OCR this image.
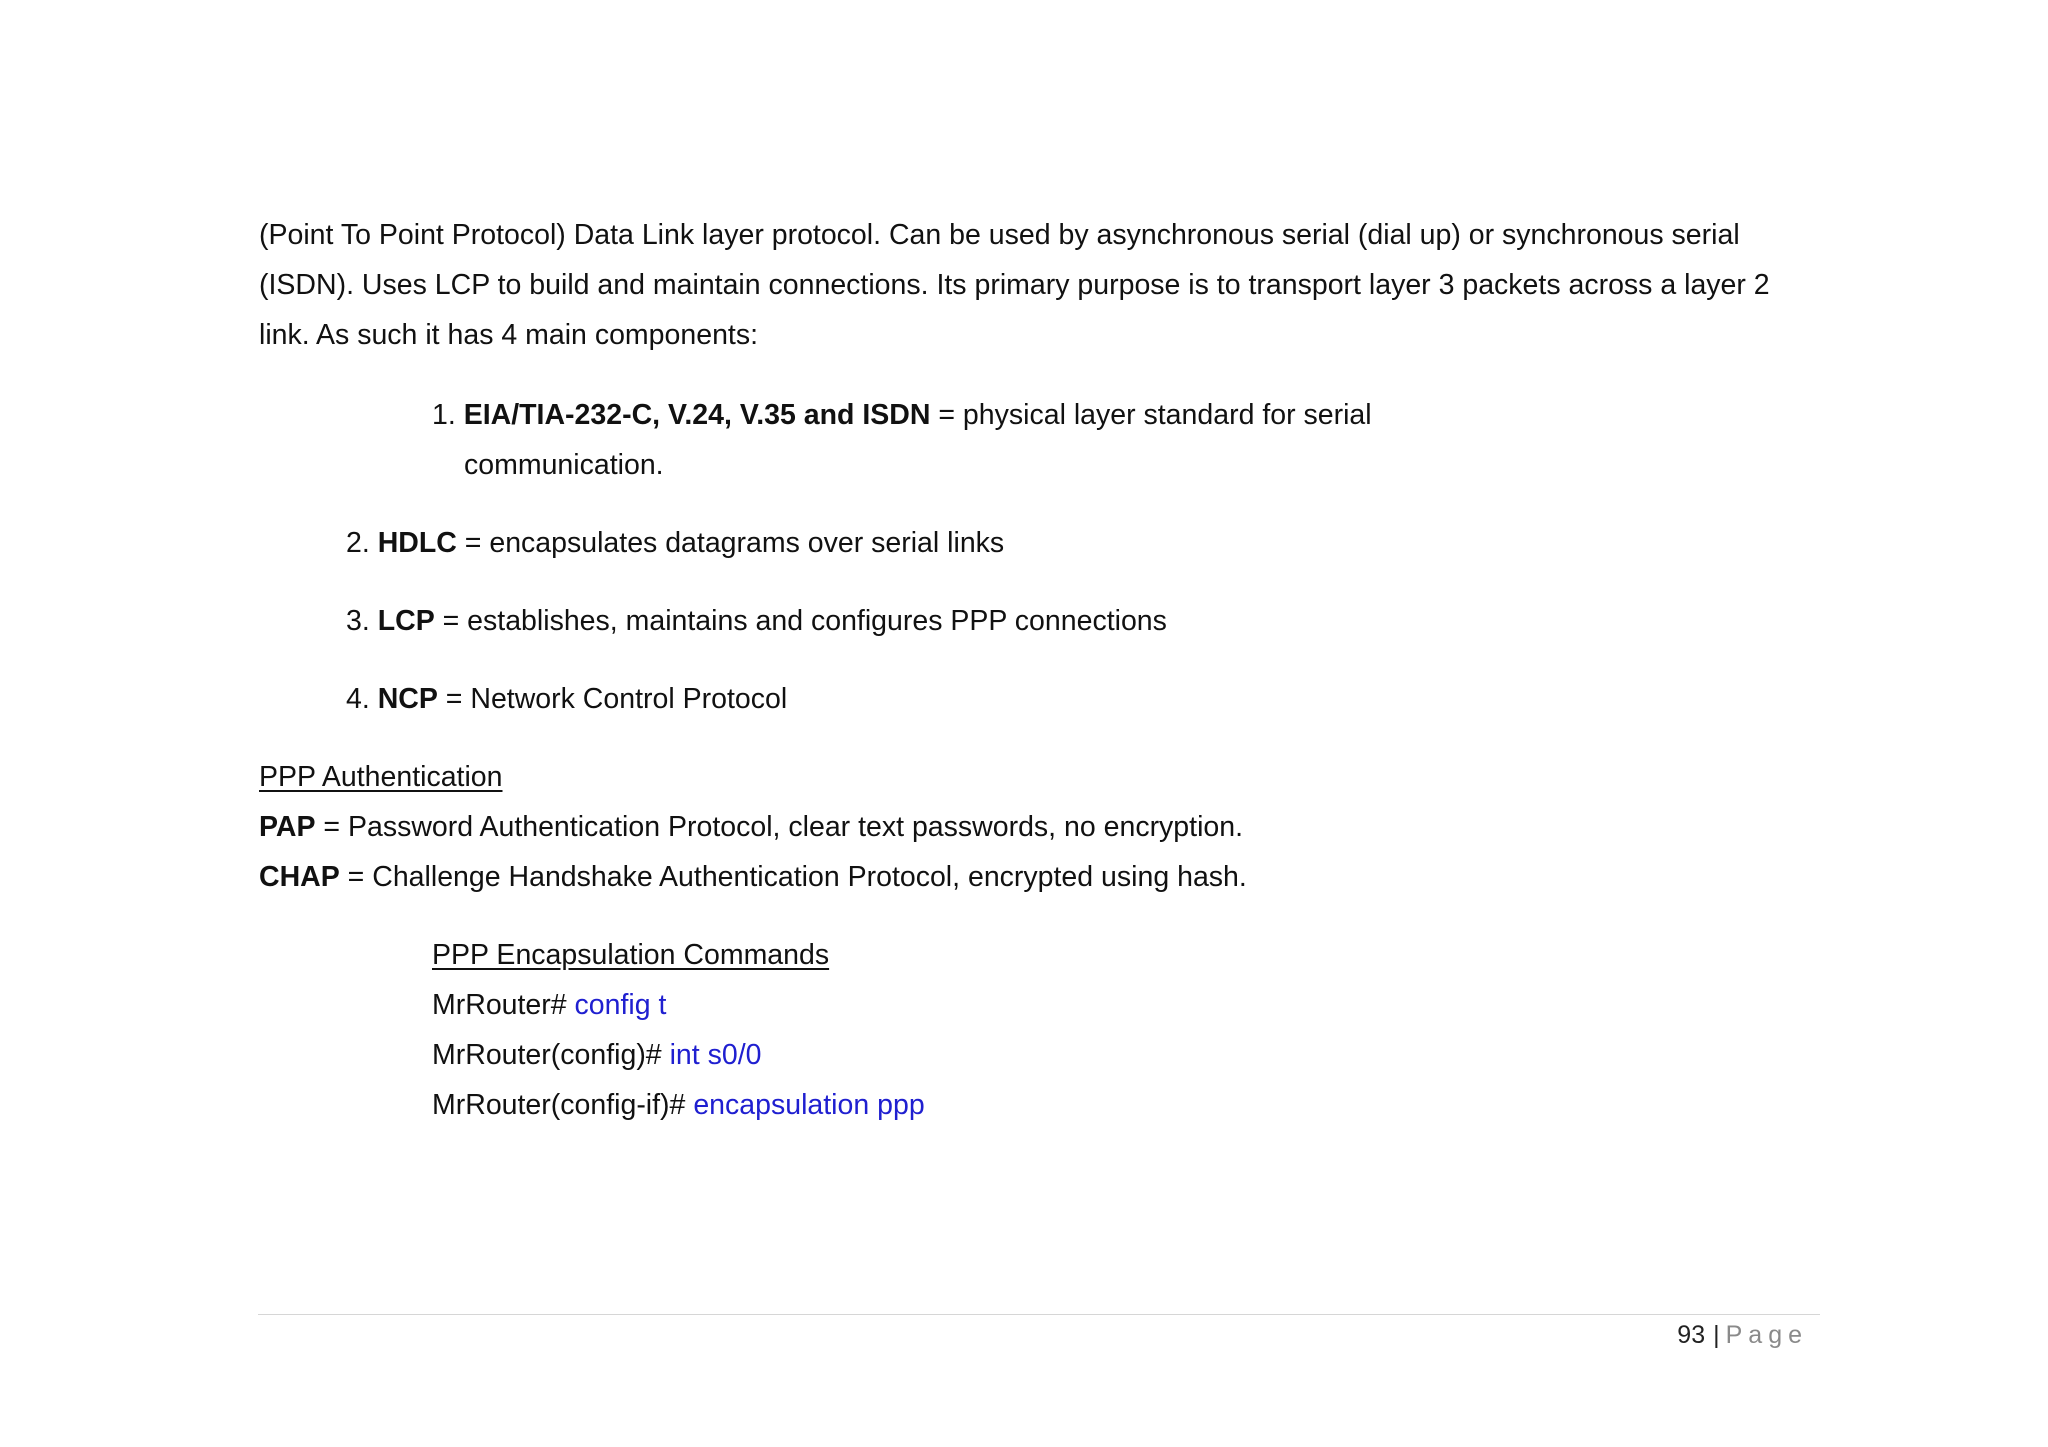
(Point To Point Protocol) Data Link layer protocol. Can be used by asynchronous serial (dial up) or synchronous serial
(ISDN). Uses LCP to build and maintain connections. Its primary purpose is to transport layer 3 packets across a layer 2
link. As such it has 4 main components:
1. EIA/TIA-232-C, V.24, V.35 and ISDN = physical layer standard for serial
communication.
2. HDLC = encapsulates datagrams over serial links
3. LCP = establishes, maintains and configures PPP connections
4. NCP = Network Control Protocol
PPP Authentication
PAP = Password Authentication Protocol, clear text passwords, no encryption.
CHAP = Challenge Handshake Authentication Protocol, encrypted using hash.
PPP Encapsulation Commands
MrRouter# config t
MrRouter(config)# int s0/0
MrRouter(config-if)# encapsulation ppp
93 | Page
